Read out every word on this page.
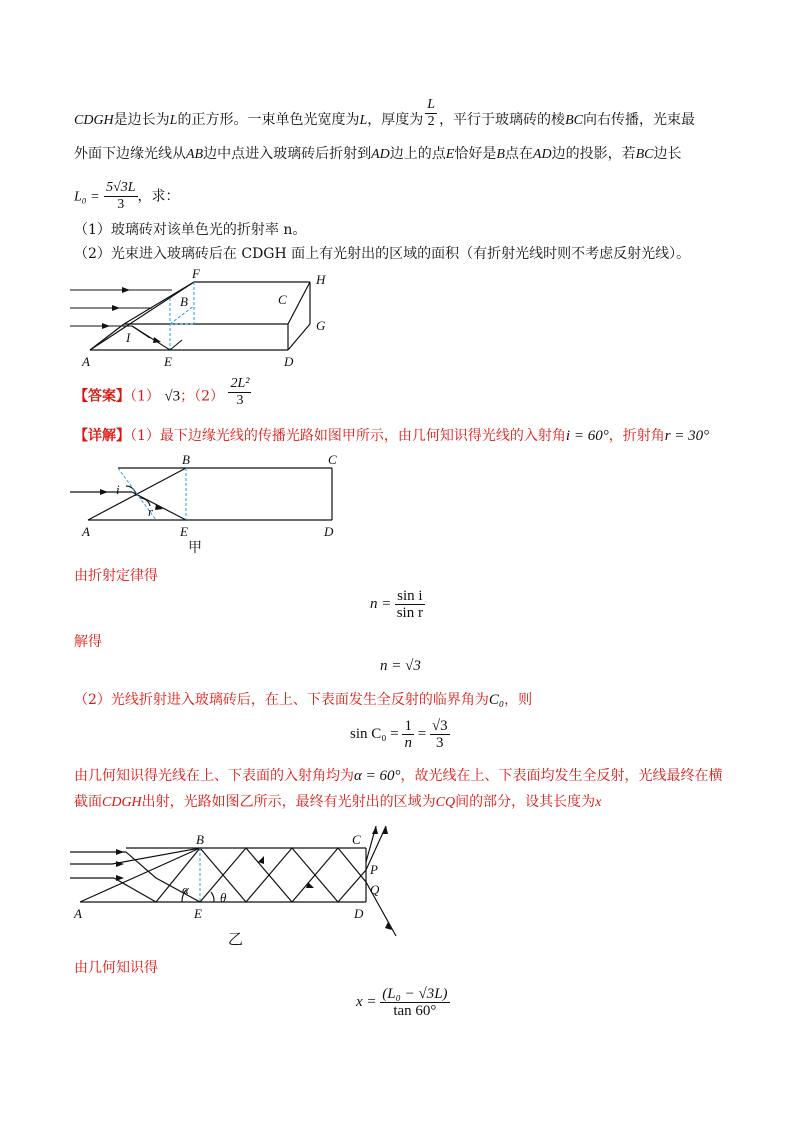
CDGH是边长为L的正方形。一束单色光宽度为L，厚度为 $\frac{L}{2}$ ，平行于玻璃砖的棱BC向右传播，光束最
外面下边缘光线从AB边中点进入玻璃砖后折射到AD边上的点E恰好是B点在AD边的投影，若BC边长
$L_0 = \frac{5√3L}{3}$ ，求：
（1）玻璃砖对该单色光的折射率 n。
（2）光束进入玻璃砖后在 CDGH 面上有光射出的区域的面积（有折射光线时则不考虑反射光线）。
F	H
B	C
G
I
A	E	D
【答案】（1） √3；$(2) \frac{\text{2L²}}{3}$
【详解】（1）最下边缘光线的传播光路如图甲所示，由几何知识得光线的入射角i = 60°，折射角r = 30°
B	C
i
r
A	E	D
甲
由折射定律得
$n = \frac{\text{sin i}}{\text{sin r}}$
解得
n = √3
（2）光线折射进入玻璃砖后，在上、下表面发生全反射的临界角为C₀，则
$\sin C_0 = \frac{1}{n} = \frac{√3}{3}$
由几何知识得光线在上、下表面的入射角均为α = 60°，故光线在上、下表面均发生全反射，光线最终在横
截面CDGH出射，光路如图乙所示，最终有光射出的区域为CQ间的部分，设其长度为x
B	C
P
Q
α
θ
A	E	D
乙
由几何知识得
$x = \frac{\text{(L₀ − √3L)}}{\tan 60^\circ}$
